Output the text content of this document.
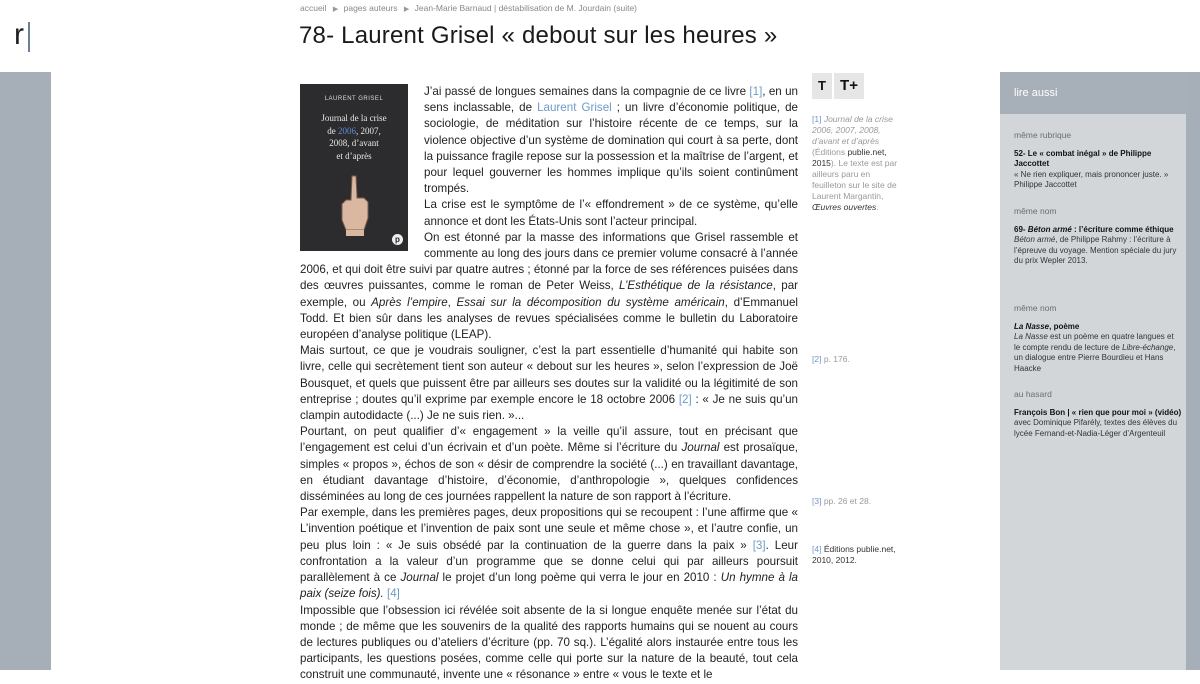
r
accueil ▶ pages auteurs ▶ Jean-Marie Barnaud | déstabilisation de M. Jourdain (suite)
78- Laurent Grisel « debout sur les heures »
LAURENT GRISEL
Journal de la crise
de 2006, 2007,
2008, d’avant
et d’après
p

J’ai passé de longues semaines dans la compagnie de ce livre [1], en un sens inclassable, de Laurent Grisel ; un livre d’économie politique, de sociologie, de méditation sur l’histoire récente de ce temps, sur la violence objective d’un système de domination qui court à sa perte, dont la puissance fragile repose sur la possession et la maîtrise de l’argent, et pour lequel gouverner les hommes implique qu’ils soient continûment trompés.

La crise est le symptôme de l’« effondrement » de ce système, qu’elle annonce et dont les États-Unis sont l’acteur principal.

On est étonné par la masse des informations que Grisel rassemble et commente au long des jours dans ce premier volume consacré à l’année 2006, et qui doit être suivi par quatre autres ; étonné par la force de ses références puisées dans des œuvres puissantes, comme le roman de Peter Weiss, L’Esthétique de la résistance, par exemple, ou Après l’empire, Essai sur la décomposition du système américain, d’Emmanuel Todd. Et bien sûr dans les analyses de revues spécialisées comme le bulletin du Laboratoire européen d’analyse politique (LEAP).

Mais surtout, ce que je voudrais souligner, c’est la part essentielle d’humanité qui habite son livre, celle qui secrètement tient son auteur « debout sur les heures », selon l’expression de Joë Bousquet, et quels que puissent être par ailleurs ses doutes sur la validité ou la légitimité de son entreprise ; doutes qu’il exprime par exemple encore le 18 octobre 2006 [2] : « Je ne suis qu’un clampin autodidacte (...) Je ne suis rien. »...

Pourtant, on peut qualifier d’« engagement » la veille qu’il assure, tout en précisant que l’engagement est celui d’un écrivain et d’un poète. Même si l’écriture du Journal est prosaïque, simples « propos », échos de son « désir de comprendre la société (...) en travaillant davantage, en étudiant davantage d’histoire, d’économie, d’anthropologie », quelques confidences disséminées au long de ces journées rappellent la nature de son rapport à l’écriture.

Par exemple, dans les premières pages, deux propositions qui se recoupent : l’une affirme que « L’invention poétique et l’invention de paix sont une seule et même chose », et l’autre confie, un peu plus loin : « Je suis obsédé par la continuation de la guerre dans la paix » [3]. Leur confrontation a la valeur d’un programme que se donne celui qui par ailleurs poursuit parallèlement à ce Journal le projet d’un long poème qui verra le jour en 2010 : Un hymne à la paix (seize fois). [4]

Impossible que l’obsession ici révélée soit absente de la si longue enquête menée sur l’état du monde ; de même que les souvenirs de la qualité des rapports humains qui se nouent au cours de lectures publiques ou d’ateliers d’écriture (pp. 70 sq.). L’égalité alors instaurée entre tous les participants, les questions posées, comme celle qui porte sur la nature de la beauté, tout cela construit une communauté, invente une « résonance » entre « vous le texte et le

T T+
[1] Journal de la crise 2006, 2007, 2008, d’avant et d’après (Éditions publie.net, 2015). Le texte est par ailleurs paru en feuilleton sur le site de Laurent Margantin, Œuvres ouvertes.
[2] p. 176.
[3] pp. 26 et 28.
[4] Éditions publie.net, 2010, 2012.
lire aussi
même rubrique
52- Le « combat inégal » de Philippe Jaccottet
« Ne rien expliquer, mais prononcer juste. » Philippe Jaccottet
même nom
69- Béton armé : l’écriture comme éthique
Béton armé, de Philippe Rahmy : l’écriture à l’épreuve du voyage. Mention spéciale du jury du prix Wepler 2013.
même nom
La Nasse, poème
La Nasse est un poème en quatre langues et le compte rendu de lecture de Libre-échange, un dialogue entre Pierre Bourdieu et Hans Haacke
au hasard
François Bon | « rien que pour moi » (vidéo)
avec Dominique Pifarély, textes des élèves du lycée Fernand-et-Nadia-Léger d’Argenteuil
